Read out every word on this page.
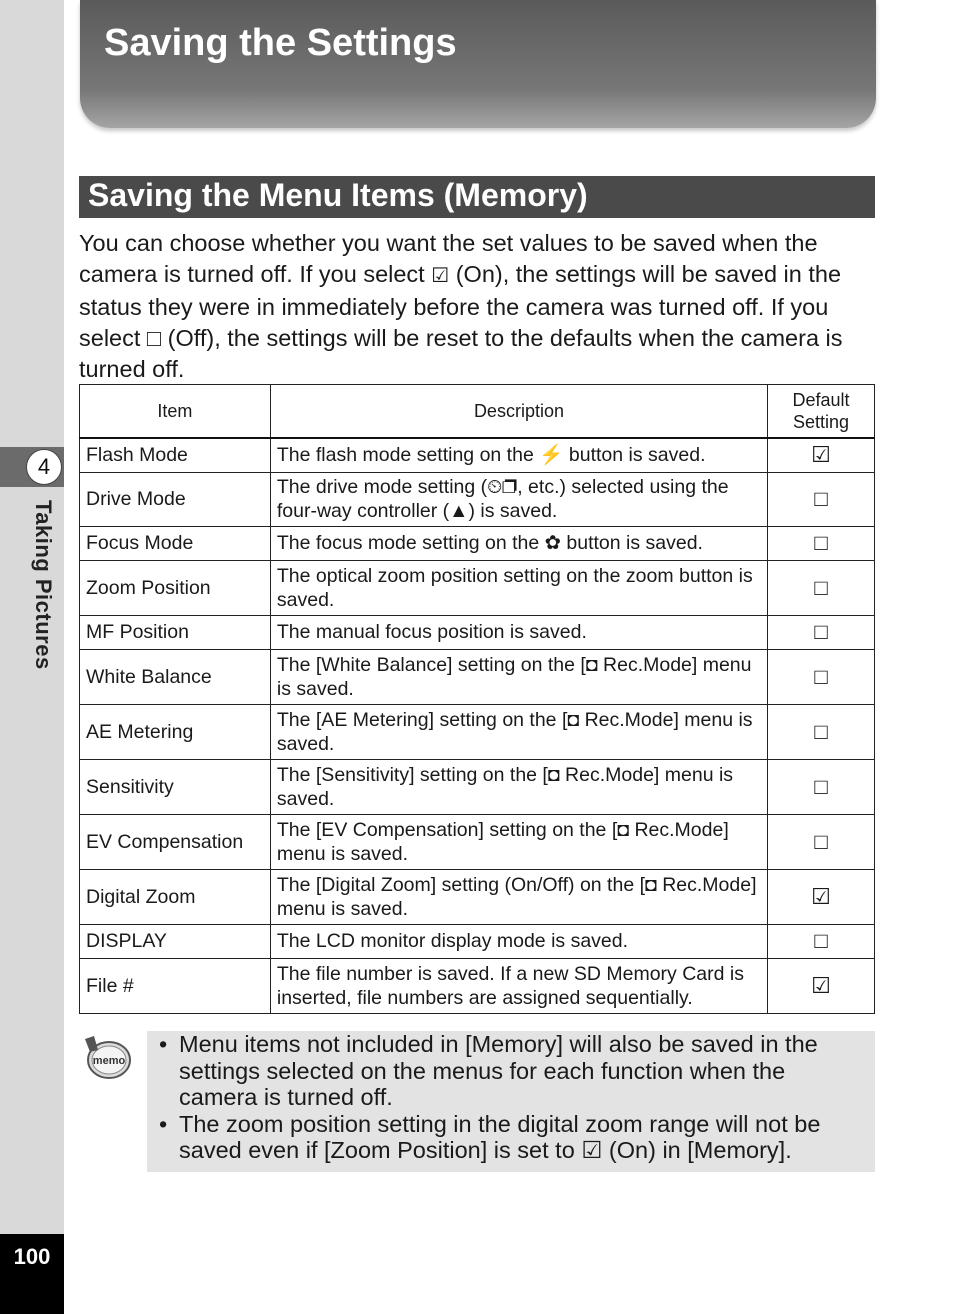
4
Taking Pictures
100
Saving the Settings
Saving the Menu Items (Memory)

You can choose whether you want the set values to be saved when the camera is turned off. If you select ☑ (On), the settings will be saved in the status they were in immediately before the camera was turned off. If you select □ (Off), the settings will be reset to the defaults when the camera is turned off.

Item	Description	Default Setting
Flash Mode	The flash mode setting on the ⚡ button is saved.	☑
Drive Mode	The drive mode setting (⏲❐, etc.) selected using the four-way controller (▲) is saved.	□
Focus Mode	The focus mode setting on the ✿ button is saved.	□
Zoom Position	The optical zoom position setting on the zoom button is saved.	□
MF Position	The manual focus position is saved.	□
White Balance	The [White Balance] setting on the [◘ Rec.Mode] menu is saved.	□
AE Metering	The [AE Metering] setting on the [◘ Rec.Mode] menu is saved.	□
Sensitivity	The [Sensitivity] setting on the [◘ Rec.Mode] menu is saved.	□
EV Compensation	The [EV Compensation] setting on the [◘ Rec.Mode] menu is saved.	□
Digital Zoom	The [Digital Zoom] setting (On/Off) on the [◘ Rec.Mode] menu is saved.	☑
DISPLAY	The LCD monitor display mode is saved.	□
File #	The file number is saved. If a new SD Memory Card is inserted, file numbers are assigned sequentially.	☑
memo
• Menu items not included in [Memory] will also be saved in the settings selected on the menus for each function when the camera is turned off.
• The zoom position setting in the digital zoom range will not be saved even if [Zoom Position] is set to ☑ (On) in [Memory].
